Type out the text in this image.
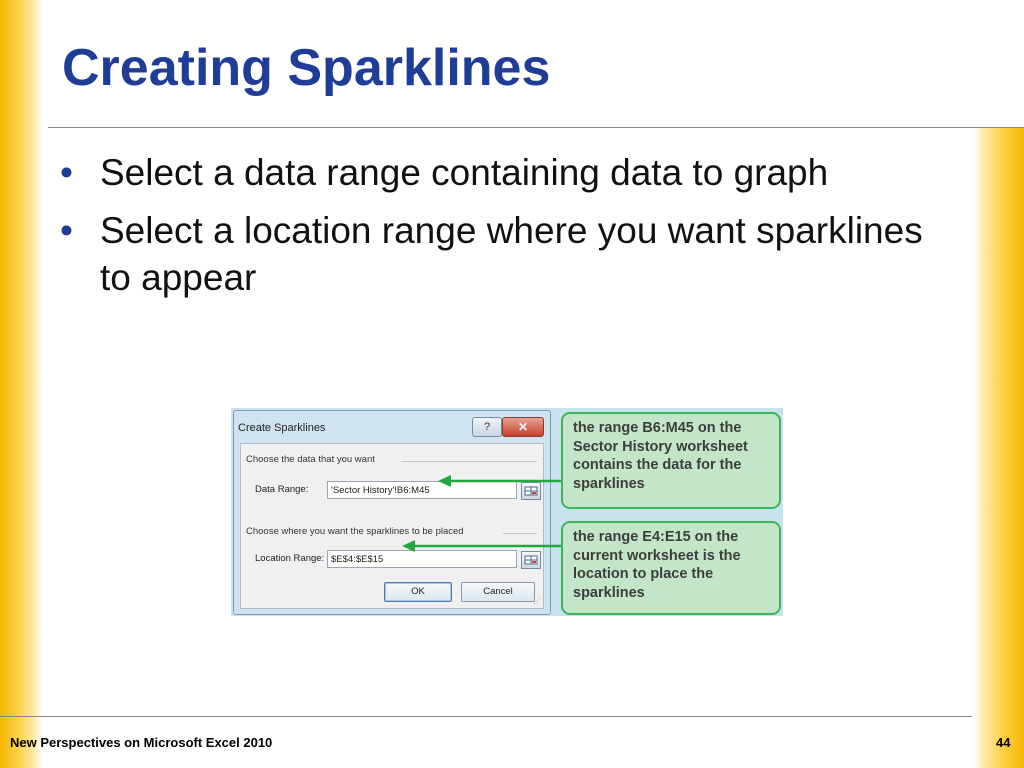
Creating Sparklines
• Select a data range containing data to graph
• Select a location range where you want sparklines to appear
Create Sparklines	?	✕
Choose the data that you want
Data Range:	'Sector History'!B6:M45
Choose where you want the sparklines to be placed
Location Range: $E$4:$E$15
OK	Cancel
⋰
the range B6:M45 on the Sector History worksheet contains the data for the sparklines
the range E4:E15 on the current worksheet is the location to place the sparklines
New Perspectives on Microsoft Excel 2010	44
